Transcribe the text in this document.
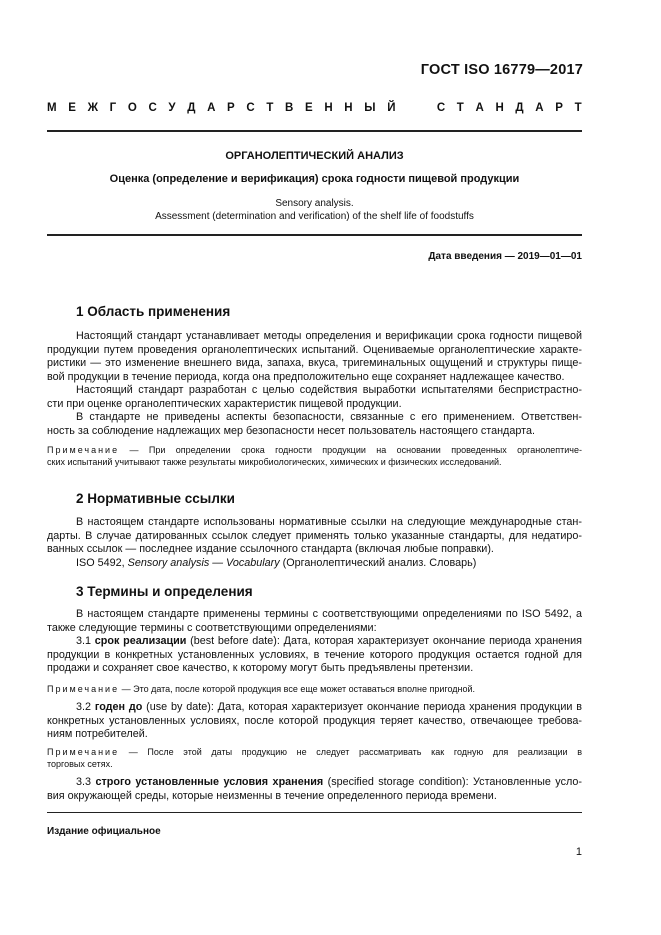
ГОСТ ISO 16779—2017
М Е Ж Г О С У Д А Р С Т В Е Н Н Ы Й

	С Т А Н Д А Р Т
ОРГАНОЛЕПТИЧЕСКИЙ АНАЛИЗ
Оценка (определение и верификация) срока годности пищевой продукции
Sensory analysis.
Assessment (determination and verification) of the shelf life of foodstuffs
Дата введения — 2019—01—01
1 Область применения
Настоящий стандарт устанавливает методы определения и верификации срока годности пищевой
продукции путем проведения органолептических испытаний. Оцениваемые органолептические характе-
ристики — это изменение внешнего вида, запаха, вкуса, тригеминальных ощущений и структуры пище-
вой продукции в течение периода, когда она предположительно еще сохраняет надлежащее качество.
Настоящий стандарт разработан с целью содействия выработки испытателями беспристрастно-
сти при оценке органолептических характеристик пищевой продукции.
В стандарте не приведены аспекты безопасности, связанные с его применением. Ответствен-
ность за соблюдение надлежащих мер безопасности несет пользователь настоящего стандарта.
Примечание — При определении срока годности продукции на основании проведенных органолептиче-
ских испытаний учитывают также результаты микробиологических, химических и физических исследований.
2 Нормативные ссылки
В настоящем стандарте использованы нормативные ссылки на следующие международные стан-
дарты. В случае датированных ссылок следует применять только указанные стандарты, для недатиро-
ванных ссылок — последнее издание ссылочного стандарта (включая любые поправки).
ISO 5492, Sensory analysis — Vocabulary (Органолептический анализ. Словарь)
3 Термины и определения
В настоящем стандарте применены термины с соответствующими определениями по ISO 5492, а
также следующие термины с соответствующими определениями:
3.1 срок реализации (best before date): Дата, которая характеризует окончание периода хранения
продукции в конкретных установленных условиях, в течение которого продукция остается годной для
продажи и сохраняет свое качество, к которому могут быть предъявлены претензии.
Примечание — Это дата, после которой продукция все еще может оставаться вполне пригодной.
3.2 годен до (use by date): Дата, которая характеризует окончание периода хранения продукции в
конкретных установленных условиях, после которой продукция теряет качество, отвечающее требова-
ниям потребителей.
Примечание — После этой даты продукцию не следует рассматривать как годную для реализации в
торговых сетях.
3.3 строго установленные условия хранения (specified storage condition): Установленные усло-
вия окружающей среды, которые неизменны в течение определенного периода времени.
Издание официальное
1
